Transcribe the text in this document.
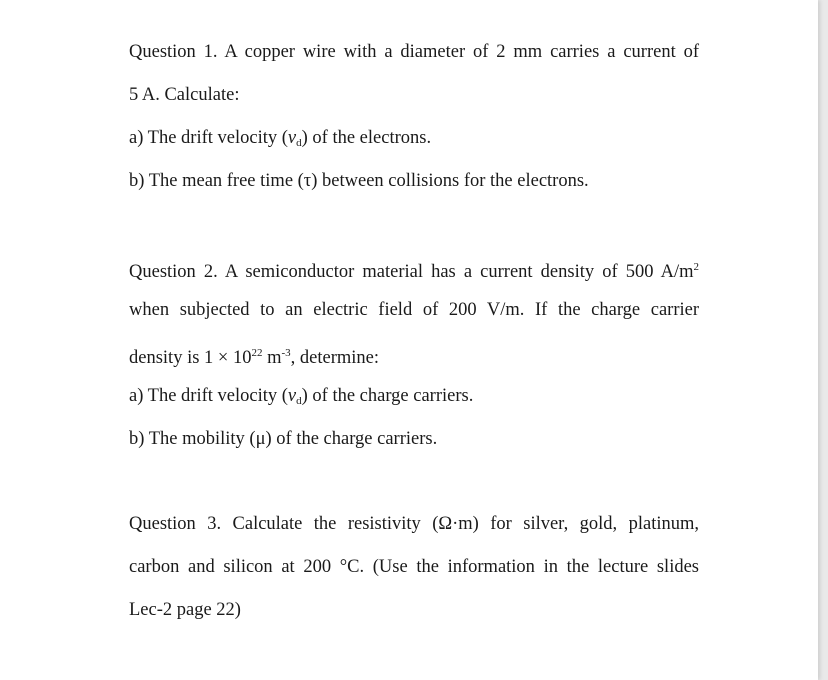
Question 1. A copper wire with a diameter of 2 mm carries a current of
5 A. Calculate:
a) The drift velocity $(v_d)$ of the electrons.
b) The mean free time (τ) between collisions for the electrons.
Question 2. A semiconductor material has a current density of 500 $A/m^2$
when subjected to an electric field of 200 V/m. If the charge carrier
density is $1 \times 10^{22}$ $m^{-3}$, determine:
a) The drift velocity $(v_d)$ of the charge carriers.
b) The mobility (μ) of the charge carriers.
Question 3. Calculate the resistivity (Ω·m) for silver, gold, platinum,
carbon and silicon at 200 °C. (Use the information in the lecture slides
Lec-2 page 22)
